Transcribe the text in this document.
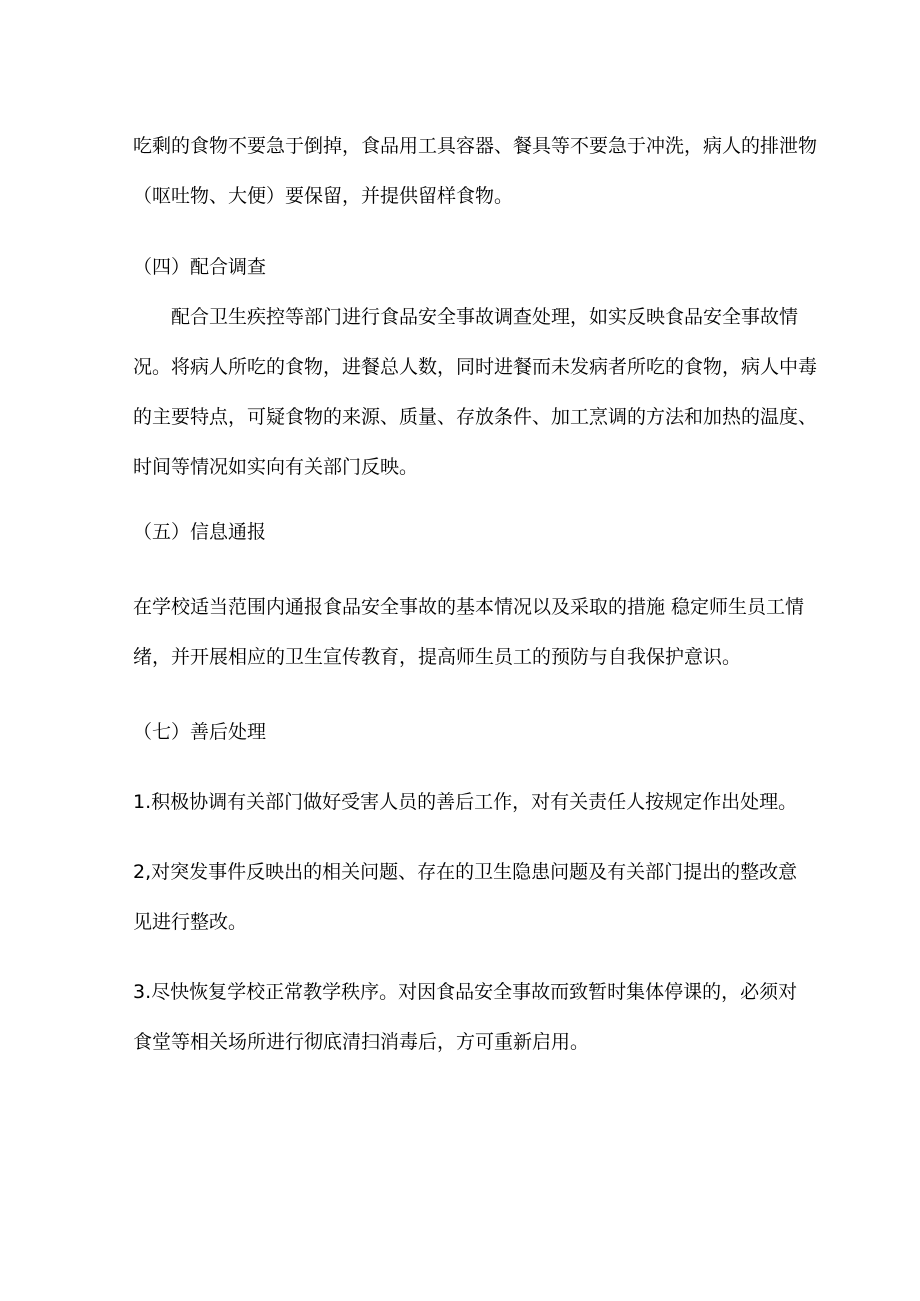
吃剩的食物不要急于倒掉，食品用工具容器、餐具等不要急于冲洗，病人的排泄物
（呕吐物、大便）要保留，并提供留样食物。
（四）配合调查
配合卫生疾控等部门进行食品安全事故调查处理，如实反映食品安全事故情
况。将病人所吃的食物，进餐总人数，同时进餐而未发病者所吃的食物，病人中毒
的主要特点，可疑食物的来源、质量、存放条件、加工烹调的方法和加热的温度、
时间等情况如实向有关部门反映。
（五）信息通报
在学校适当范围内通报食品安全事故的基本情况以及采取的措施 稳定师生员工情
绪，并开展相应的卫生宣传教育，提高师生员工的预防与自我保护意识。
（七）善后处理
1.积极协调有关部门做好受害人员的善后工作，对有关责任人按规定作出处理。
2,对突发事件反映出的相关问题、存在的卫生隐患问题及有关部门提出的整改意
见进行整改。
3.尽快恢复学校正常教学秩序。对因食品安全事故而致暂时集体停课的，必须对
食堂等相关场所进行彻底清扫消毒后，方可重新启用。
